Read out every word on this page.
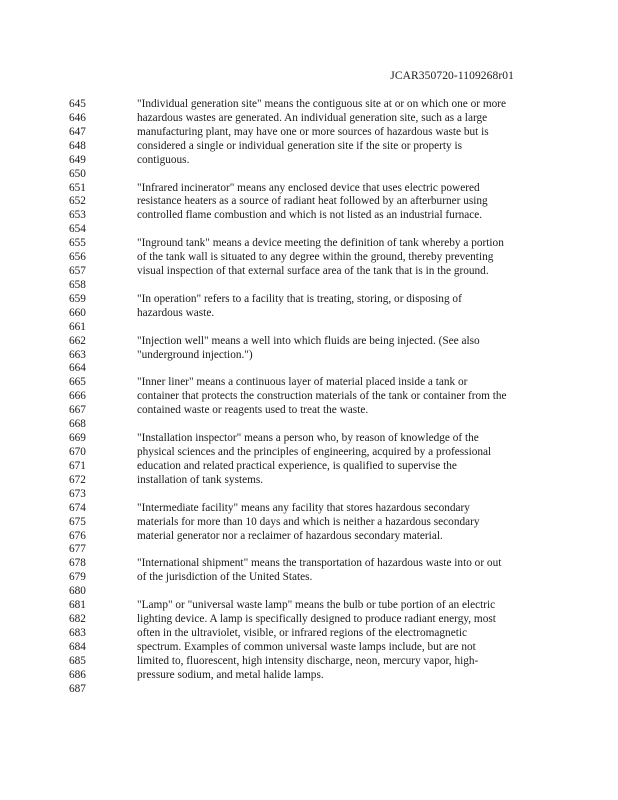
JCAR350720-1109268r01
645	"Individual generation site" means the contiguous site at or on which one or more
646	hazardous wastes are generated. An individual generation site, such as a large
647	manufacturing plant, may have one or more sources of hazardous waste but is
648	considered a single or individual generation site if the site or property is
649	contiguous.
650
651	"Infrared incinerator" means any enclosed device that uses electric powered
652	resistance heaters as a source of radiant heat followed by an afterburner using
653	controlled flame combustion and which is not listed as an industrial furnace.
654
655	"Inground tank" means a device meeting the definition of tank whereby a portion
656	of the tank wall is situated to any degree within the ground, thereby preventing
657	visual inspection of that external surface area of the tank that is in the ground.
658
659	"In operation" refers to a facility that is treating, storing, or disposing of
660	hazardous waste.
661
662	"Injection well" means a well into which fluids are being injected. (See also
663	"underground injection.")
664
665	"Inner liner" means a continuous layer of material placed inside a tank or
666	container that protects the construction materials of the tank or container from the
667	contained waste or reagents used to treat the waste.
668
669	"Installation inspector" means a person who, by reason of knowledge of the
670	physical sciences and the principles of engineering, acquired by a professional
671	education and related practical experience, is qualified to supervise the
672	installation of tank systems.
673
674	"Intermediate facility" means any facility that stores hazardous secondary
675	materials for more than 10 days and which is neither a hazardous secondary
676	material generator nor a reclaimer of hazardous secondary material.
677
678	"International shipment" means the transportation of hazardous waste into or out
679	of the jurisdiction of the United States.
680
681	"Lamp" or "universal waste lamp" means the bulb or tube portion of an electric
682	lighting device. A lamp is specifically designed to produce radiant energy, most
683	often in the ultraviolet, visible, or infrared regions of the electromagnetic
684	spectrum. Examples of common universal waste lamps include, but are not
685	limited to, fluorescent, high intensity discharge, neon, mercury vapor, high-
686	pressure sodium, and metal halide lamps.
687
